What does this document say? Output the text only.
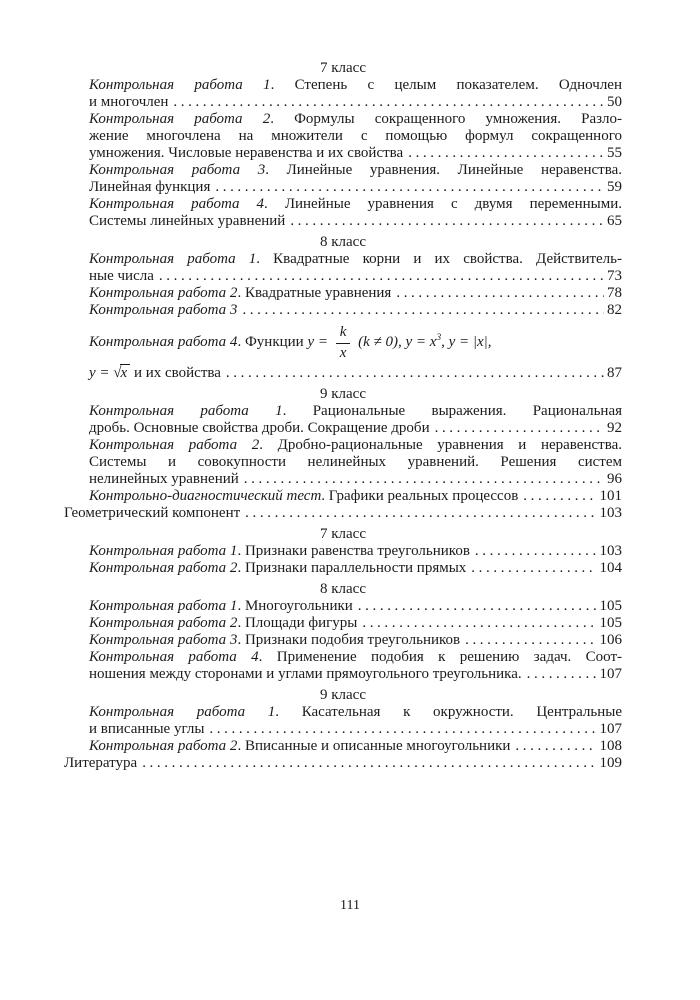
7 класс
Контрольная работа 1. Степень с целым показателем. Одночлен
и многочлен .....	50
Контрольная работа 2. Формулы сокращенного умножения. Разло-
жение многочлена на множители с помощью формул сокращенного
умножения. Числовые неравенства и их свойства .....	55
Контрольная работа 3. Линейные уравнения. Линейные неравенства.
Линейная функция .....	59
Контрольная работа 4. Линейные уравнения с двумя переменными.
Системы линейных уравнений .....	65
8 класс
Контрольная работа 1. Квадратные корни и их свойства. Действитель-
ные числа .....	73
Контрольная работа 2. Квадратные уравнения .....	78
Контрольная работа 3 .....	82
Контрольная работа 4. Функции $y = \frac{k}{x} (k \ne 0)$, $y = x^3$, y = |x|,
y = √x и их свойства .....	87
9 класс
Контрольная работа 1. Рациональные выражения. Рациональная
дробь. Основные свойства дроби. Сокращение дроби .....	92
Контрольная работа 2. Дробно-рациональные уравнения и неравенства.
Системы и совокупности нелинейных уравнений. Решения систем
нелинейных уравнений .....	96
Контрольно-диагностический тест. Графики реальных процессов .....	101
Геометрический компонент .....	103
7 класс
Контрольная работа 1. Признаки равенства треугольников .....	103
Контрольная работа 2. Признаки параллельности прямых .....	104
8 класс
Контрольная работа 1. Многоугольники .....	105
Контрольная работа 2. Площади фигуры .....	105
Контрольная работа 3. Признаки подобия треугольников .....	106
Контрольная работа 4. Применение подобия к решению задач. Соот-
ношения между сторонами и углами прямоугольного треугольника. .....	107
9 класс
Контрольная работа 1. Касательная к окружности. Центральные
и вписанные углы .....	107
Контрольная работа 2. Вписанные и описанные многоугольники .....	108
Литература .....	109
111
